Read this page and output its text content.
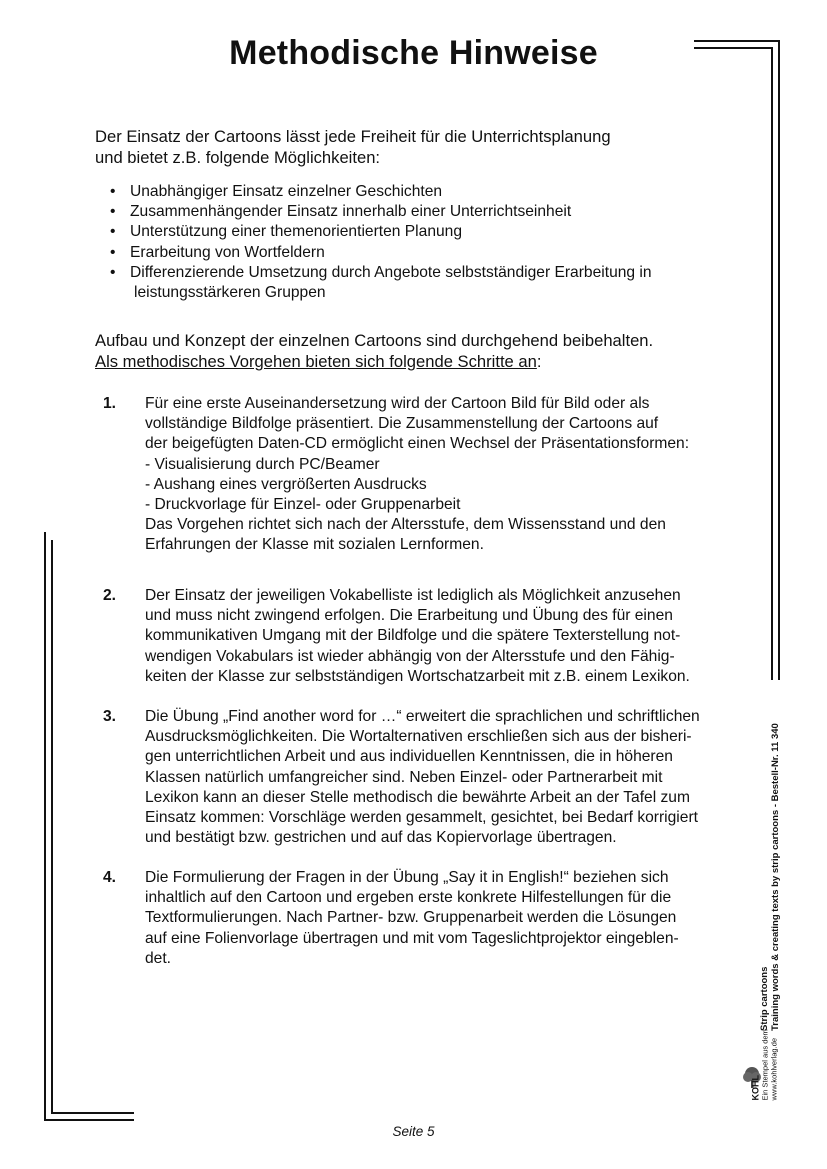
Methodische Hinweise

Der Einsatz der Cartoons lässt jede Freiheit für die Unterrichtsplanung
und bietet z.B. folgende Möglichkeiten:

• Unabhängiger Einsatz einzelner Geschichten
• Zusammenhängender Einsatz innerhalb einer Unterrichtseinheit
• Unterstützung einer themenorientierten Planung
• Erarbeitung von Wortfeldern
• Differenzierende Umsetzung durch Angebote selbstständiger Erarbeitung in

leistungsstärkeren Gruppen

Aufbau und Konzept der einzelnen Cartoons sind durchgehend beibehalten.
Als methodisches Vorgehen bieten sich folgende Schritte an:

1. Für eine erste Auseinandersetzung wird der Cartoon Bild für Bild oder als
vollständige Bildfolge präsentiert. Die Zusammenstellung der Cartoons auf
der beigefügten Daten-CD ermöglicht einen Wechsel der Präsentationsformen:

- Visualisierung durch PC/Beamer
- Aushang eines vergrößerten Ausdrucks
- Druckvorlage für Einzel- oder Gruppenarbeit

Das Vorgehen richtet sich nach der Altersstufe, dem Wissensstand und den
Erfahrungen der Klasse mit sozialen Lernformen.

2. Der Einsatz der jeweiligen Vokabelliste ist lediglich als Möglichkeit anzusehen
und muss nicht zwingend erfolgen. Die Erarbeitung und Übung des für einen
kommunikativen Umgang mit der Bildfolge und die spätere Texterstellung not-
wendigen Vokabulars ist wieder abhängig von der Altersstufe und den Fähig-
keiten der Klasse zur selbstständigen Wortschatzarbeit mit z.B. einem Lexikon.

3. Die Übung „Find another word for …“ erweitert die sprachlichen und schriftlichen
Ausdrucksmöglichkeiten. Die Wortalternativen erschließen sich aus der bisheri-
gen unterrichtlichen Arbeit und aus individuellen Kenntnissen, die in höheren
Klassen natürlich umfangreicher sind. Neben Einzel- oder Partnerarbeit mit
Lexikon kann an dieser Stelle methodisch die bewährte Arbeit an der Tafel zum
Einsatz kommen: Vorschläge werden gesammelt, gesichtet, bei Bedarf korrigiert
und bestätigt bzw. gestrichen und auf das Kopiervorlage übertragen.

4. Die Formulierung der Fragen in der Übung „Say it in English!“ beziehen sich
inhaltlich auf den Cartoon und ergeben erste konkrete Hilfestellungen für die
Textformulierungen. Nach Partner- bzw. Gruppenarbeit werden die Lösungen
auf eine Folienvorlage übertragen und mit vom Tageslichtprojektor eingeblen-
det.

Strip cartoons
Training words & creating texts by strip cartoons - Bestell-Nr. 11 340
KOHL
Ein Stempel aus dem
www.kohlverlag.de
Seite 5
